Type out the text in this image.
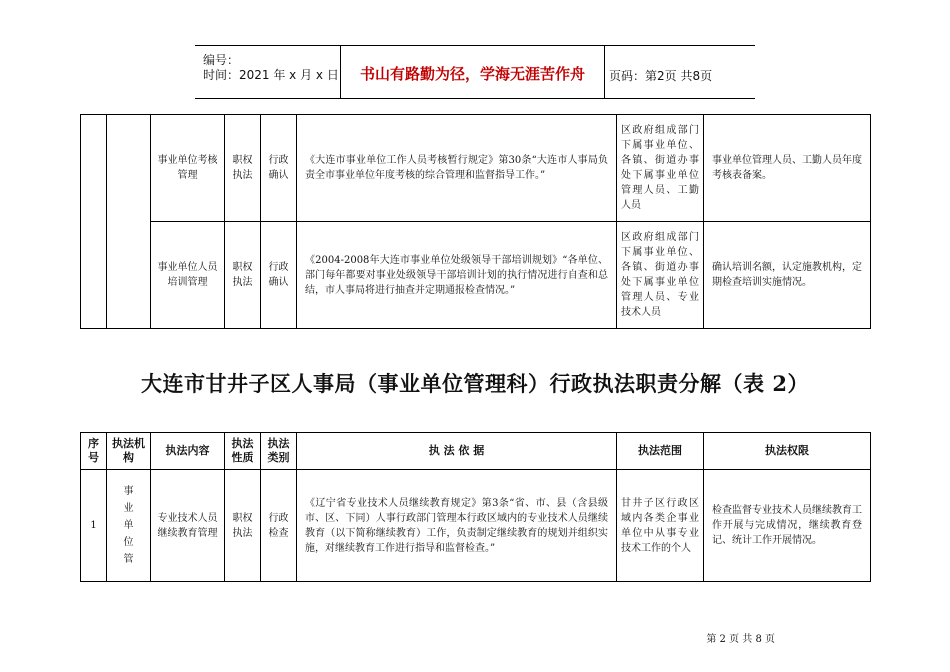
编号：
时间：2021 年 x 月 x 日	书山有路勤为径，学海无涯苦作舟	页码：第2页 共8页
		事业单位考核管理	职权执法	行政确认	《大连市事业单位工作人员考核暂行规定》第30条“大连市人事局负责全市事业单位年度考核的综合管理和监督指导工作。”	区政府组成部门下属事业单位、各镇、街道办事处下属事业单位管理人员、工勤人员	事业单位管理人员、工勤人员年度考核表备案。
		事业单位人员培训管理	职权执法	行政确认	《2004-2008年大连市事业单位处级领导干部培训规划》“各单位、部门每年都要对事业处级领导干部培训计划的执行情况进行自查和总结，市人事局将进行抽查并定期通报检查情况。”	区政府组成部门下属事业单位、各镇、街道办事处下属事业单位管理人员、专业技术人员	确认培训名额，认定施教机构，定期检查培训实施情况。
大连市甘井子区人事局（事业单位管理科）行政执法职责分解（表 2）
序号	执法机构	执法内容	执法性质	执法类别	执 法 依 据	执法范围	执法权限
1	事业单位管	专业技术人员继续教育管理	职权执法	行政检查	《辽宁省专业技术人员继续教育规定》第3条“省、市、县（含县级市、区、下同）人事行政部门管理本行政区域内的专业技术人员继续教育（以下简称继续教育）工作，负责制定继续教育的规划并组织实施，对继续教育工作进行指导和监督检查。”	甘井子区行政区域内各类企事业单位中从事专业技术工作的个人	检查监督专业技术人员继续教育工作开展与完成情况，继续教育登记、统计工作开展情况。
第 2 页 共 8 页
